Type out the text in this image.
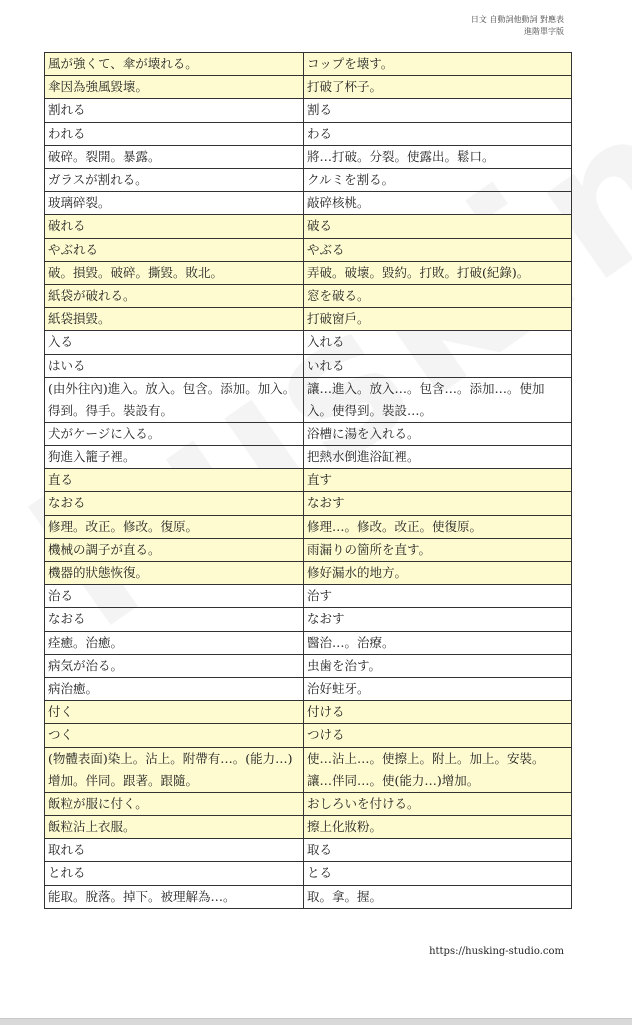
日文 自動詞他動詞 對應表
進階單字版
風が強くて、傘が壊れる。	コップを壊す。
傘因為強風毀壞。	打破了杯子。
割れる	割る
われる	わる
破碎。裂開。暴露。	將…打破。分裂。使露出。鬆口。
ガラスが割れる。	クルミを割る。
玻璃碎裂。	敲碎核桃。
破れる	破る
やぶれる	やぶる
破。損毀。破碎。撕毀。敗北。	弄破。破壞。毀約。打敗。打破(紀錄)。
紙袋が破れる。	窓を破る。
紙袋損毀。	打破窗戶。
入る	入れる
はいる	いれる
(由外往內)進入。放入。包含。添加。加入。得到。得手。裝設有。	讓…進入。放入…。包含…。添加…。使加入。使得到。裝設…。
犬がケージに入る。	浴槽に湯を入れる。
狗進入籠子裡。	把熱水倒進浴缸裡。
直る	直す
なおる	なおす
修理。改正。修改。復原。	修理…。修改。改正。使復原。
機械の調子が直る。	雨漏りの箇所を直す。
機器的狀態恢復。	修好漏水的地方。
治る	治す
なおる	なおす
痊癒。治癒。	醫治…。治療。
病気が治る。	虫歯を治す。
病治癒。	治好蛀牙。
付く	付ける
つく	つける
(物體表面)染上。沾上。附帶有…。(能力…)增加。伴同。跟著。跟隨。	使…沾上…。使擦上。附上。加上。安裝。讓…伴同…。使(能力…)增加。
飯粒が服に付く。	おしろいを付ける。
飯粒沾上衣服。	擦上化妝粉。
取れる	取る
とれる	とる
能取。脫落。掉下。被理解為…。	取。拿。握。
https://husking-studio.com
